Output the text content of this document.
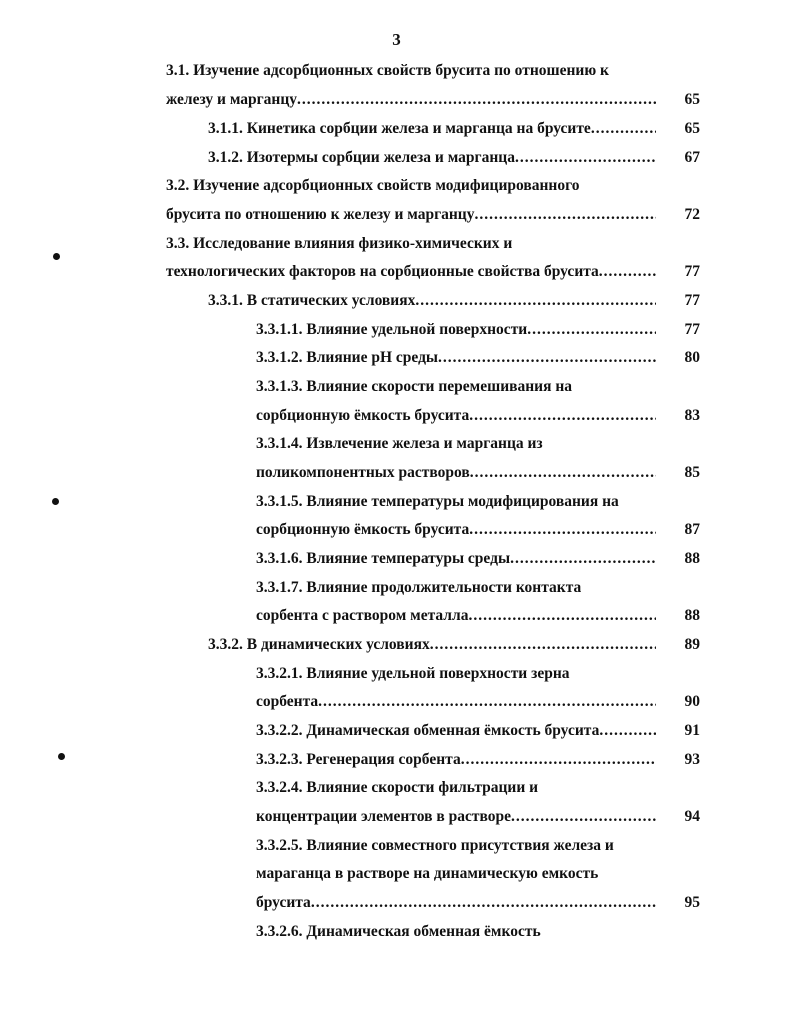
3
3.1. Изучение адсорбционных свойств брусита по отношению к
железу и марганцу .....	65
3.1.1. Кинетика сорбции железа и марганца на брусите .....	65
3.1.2. Изотермы сорбции железа и марганца .....	67
3.2. Изучение адсорбционных свойств модифицированного
брусита по отношению к железу и марганцу .....	72
3.3. Исследование влияния физико-химических и
технологических факторов на сорбционные свойства брусита .....	77
3.3.1. В статических условиях .....	77
3.3.1.1. Влияние удельной поверхности .....	77
3.3.1.2. Влияние pH среды .....	80
3.3.1.3. Влияние скорости перемешивания на
сорбционную ёмкость брусита .....	83
3.3.1.4. Извлечение железа и марганца из
поликомпонентных растворов .....	85
3.3.1.5. Влияние температуры модифицирования на
сорбционную ёмкость брусита .....	87
3.3.1.6. Влияние температуры среды .....	88
3.3.1.7. Влияние продолжительности контакта
сорбента с раствором металла .....	88
3.3.2. В динамических условиях .....	89
3.3.2.1. Влияние удельной поверхности зерна
сорбента .....	90
3.3.2.2. Динамическая обменная ёмкость брусита .....	91
3.3.2.3. Регенерация сорбента .....	93
3.3.2.4. Влияние скорости фильтрации и
концентрации элементов в растворе .....	94
3.3.2.5. Влияние совместного присутствия железа и
мараганца в растворе на динамическую емкость
брусита .....	95
3.3.2.6. Динамическая обменная ёмкость
